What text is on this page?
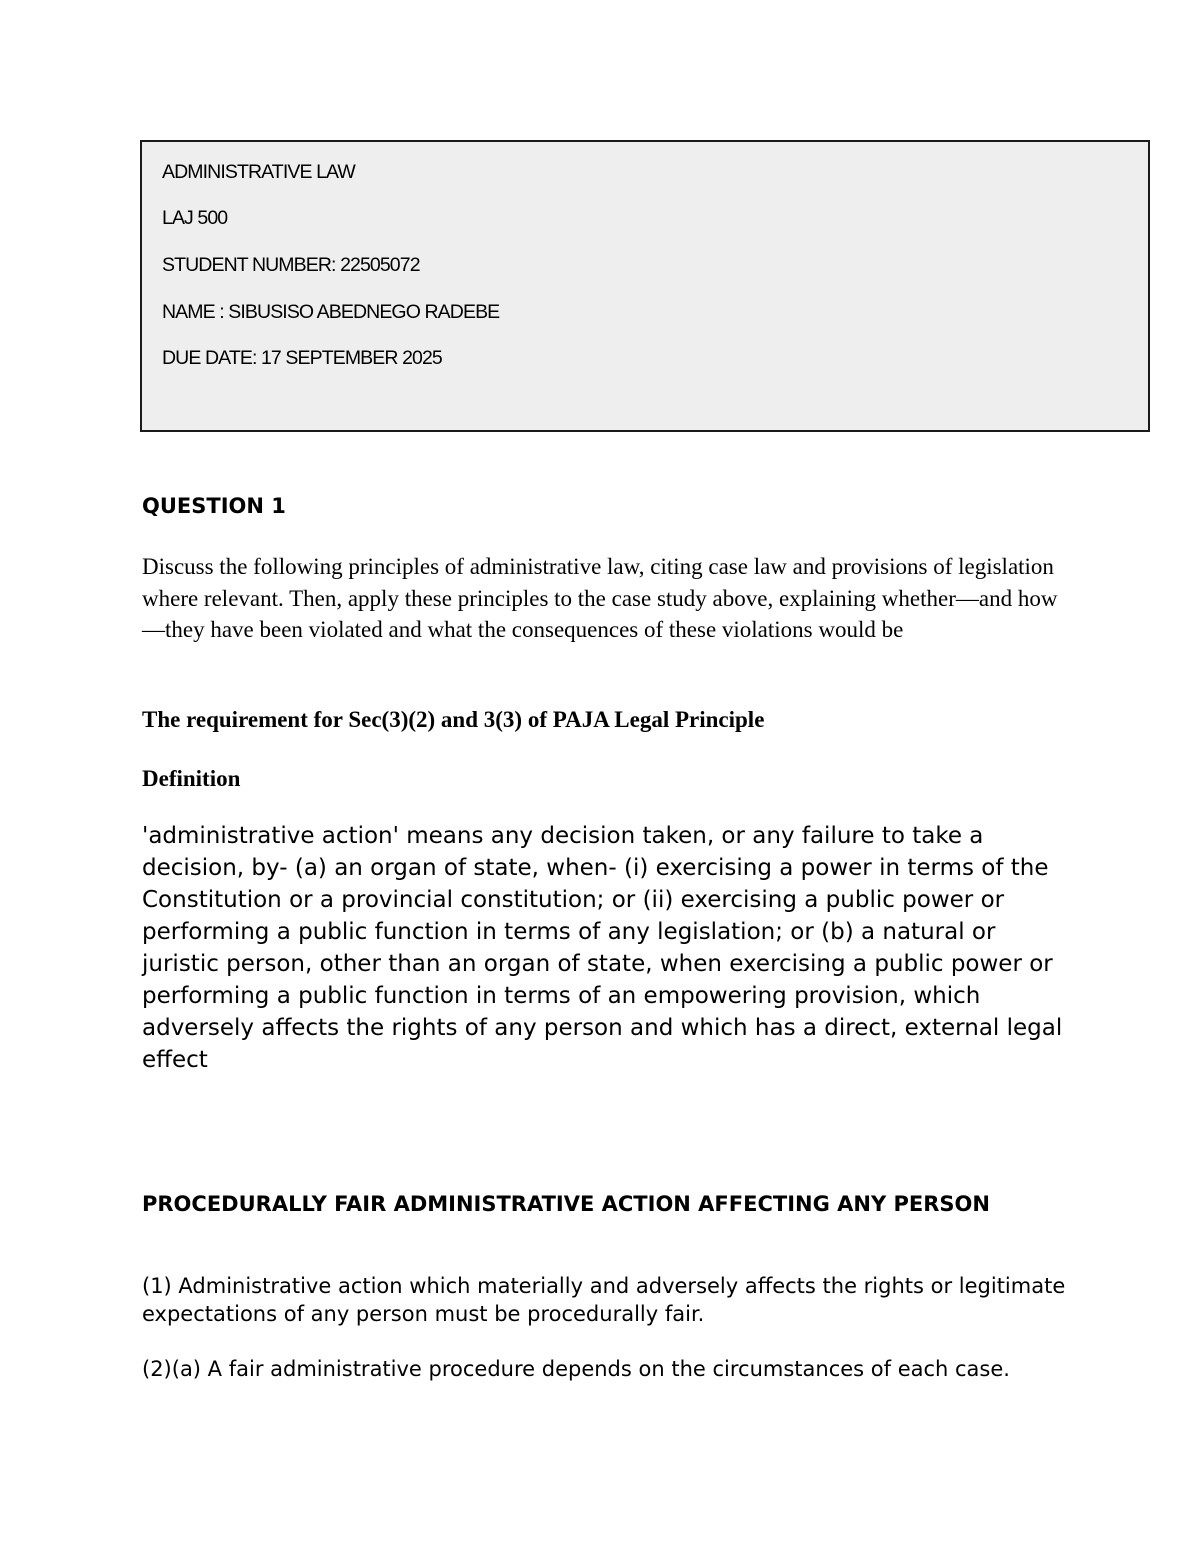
ADMINISTRATIVE LAW
LAJ 500
STUDENT NUMBER: 22505072
NAME : SIBUSISO ABEDNEGO RADEBE
DUE DATE: 17 SEPTEMBER 2025
QUESTION 1
Discuss the following principles of administrative law, citing case law and provisions of legislation where relevant. Then, apply these principles to the case study above, explaining whether—and how—they have been violated and what the consequences of these violations would be
The requirement for Sec(3)(2) and 3(3) of PAJA Legal Principle
Definition
'administrative action' means any decision taken, or any failure to take a decision, by- (a) an organ of state, when- (i) exercising a power in terms of the Constitution or a provincial constitution; or (ii) exercising a public power or performing a public function in terms of any legislation; or (b) a natural or juristic person, other than an organ of state, when exercising a public power or performing a public function in terms of an empowering provision, which adversely affects the rights of any person and which has a direct, external legal effect
PROCEDURALLY FAIR ADMINISTRATIVE ACTION AFFECTING ANY PERSON
(1) Administrative action which materially and adversely affects the rights or legitimate expectations of any person must be procedurally fair.
(2)(a) A fair administrative procedure depends on the circumstances of each case.
